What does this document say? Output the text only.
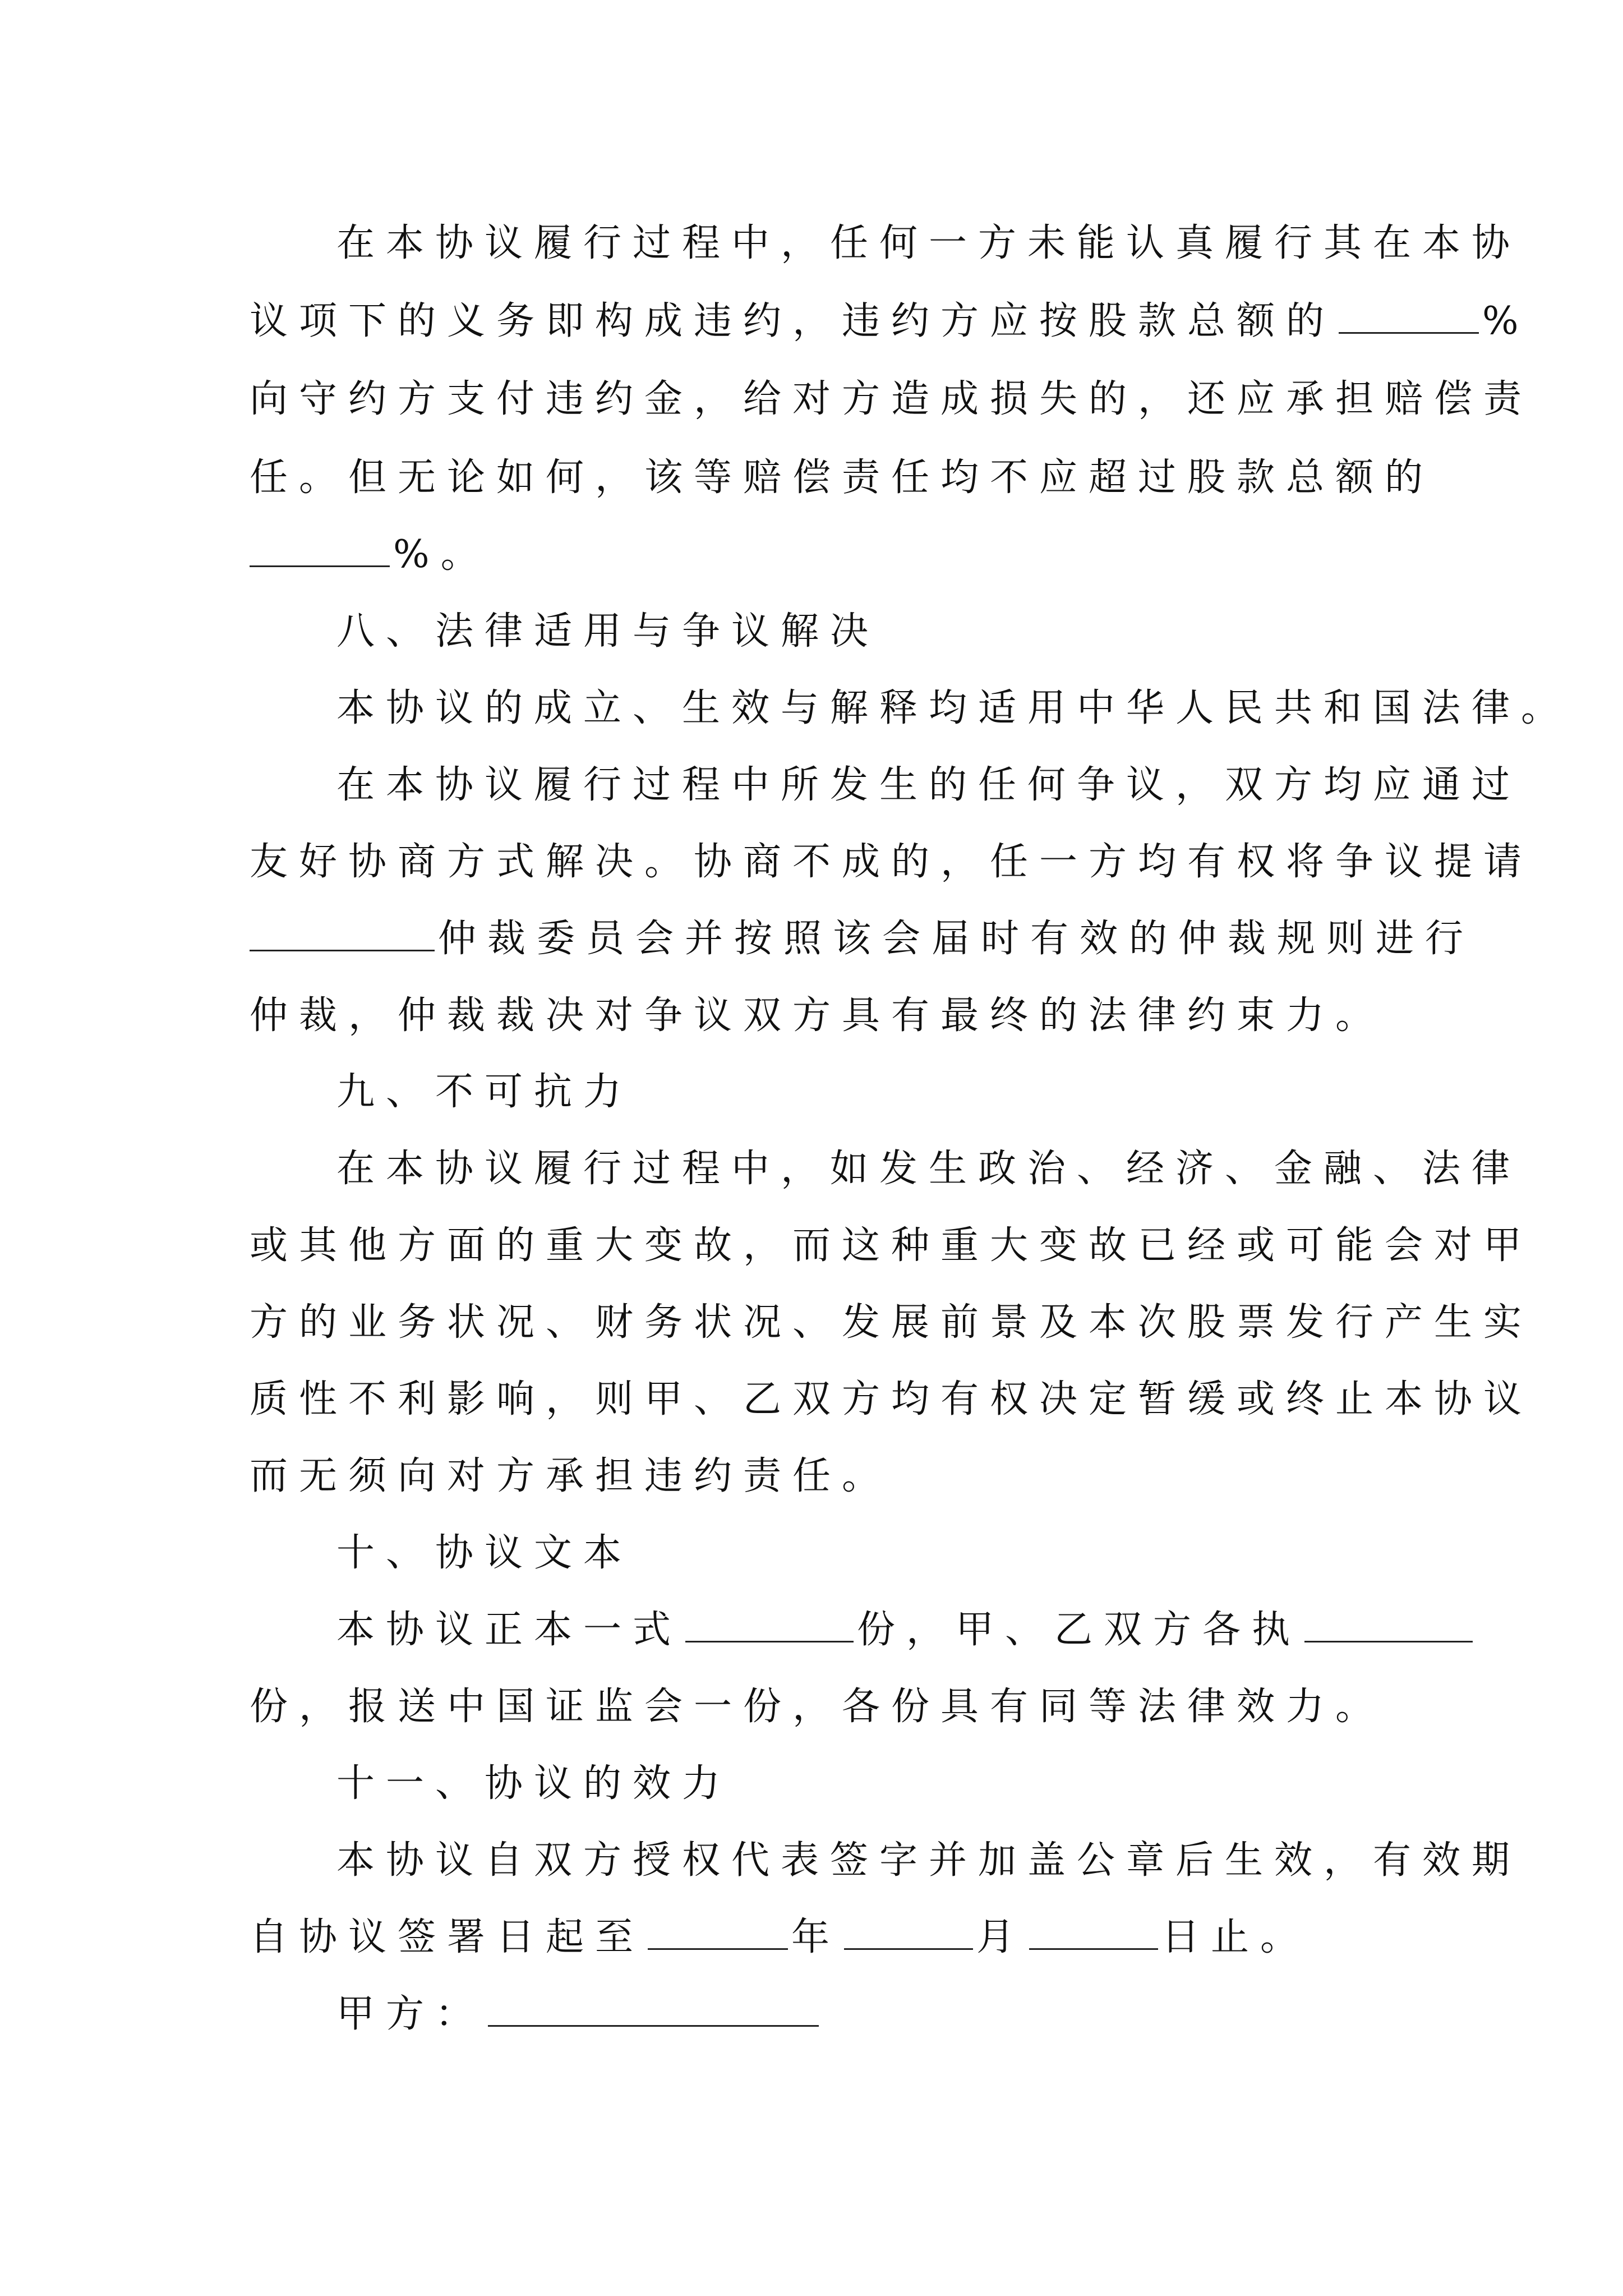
在本协议履行过程中，任何一方未能认真履行其在本协
议项下的义务即构成违约，违约方应按股款总额的	%
向守约方支付违约金，给对方造成损失的，还应承担赔偿责
任。但无论如何，该等赔偿责任均不应超过股款总额的
%。
八、法律适用与争议解决
本协议的成立、生效与解释均适用中华人民共和国法律。
在本协议履行过程中所发生的任何争议，双方均应通过
友好协商方式解决。协商不成的，任一方均有权将争议提请
仲裁委员会并按照该会届时有效的仲裁规则进行
仲裁，仲裁裁决对争议双方具有最终的法律约束力。
九、不可抗力
在本协议履行过程中，如发生政治、经济、金融、法律
或其他方面的重大变故，而这种重大变故已经或可能会对甲
方的业务状况、财务状况、发展前景及本次股票发行产生实
质性不利影响，则甲、乙双方均有权决定暂缓或终止本协议
而无须向对方承担违约责任。
十、协议文本
本协议正本一式	份，甲、乙双方各执
份，报送中国证监会一份，各份具有同等法律效力。
十一、协议的效力
本协议自双方授权代表签字并加盖公章后生效，有效期
自协议签署日起至	年	月	日止。
甲方：
